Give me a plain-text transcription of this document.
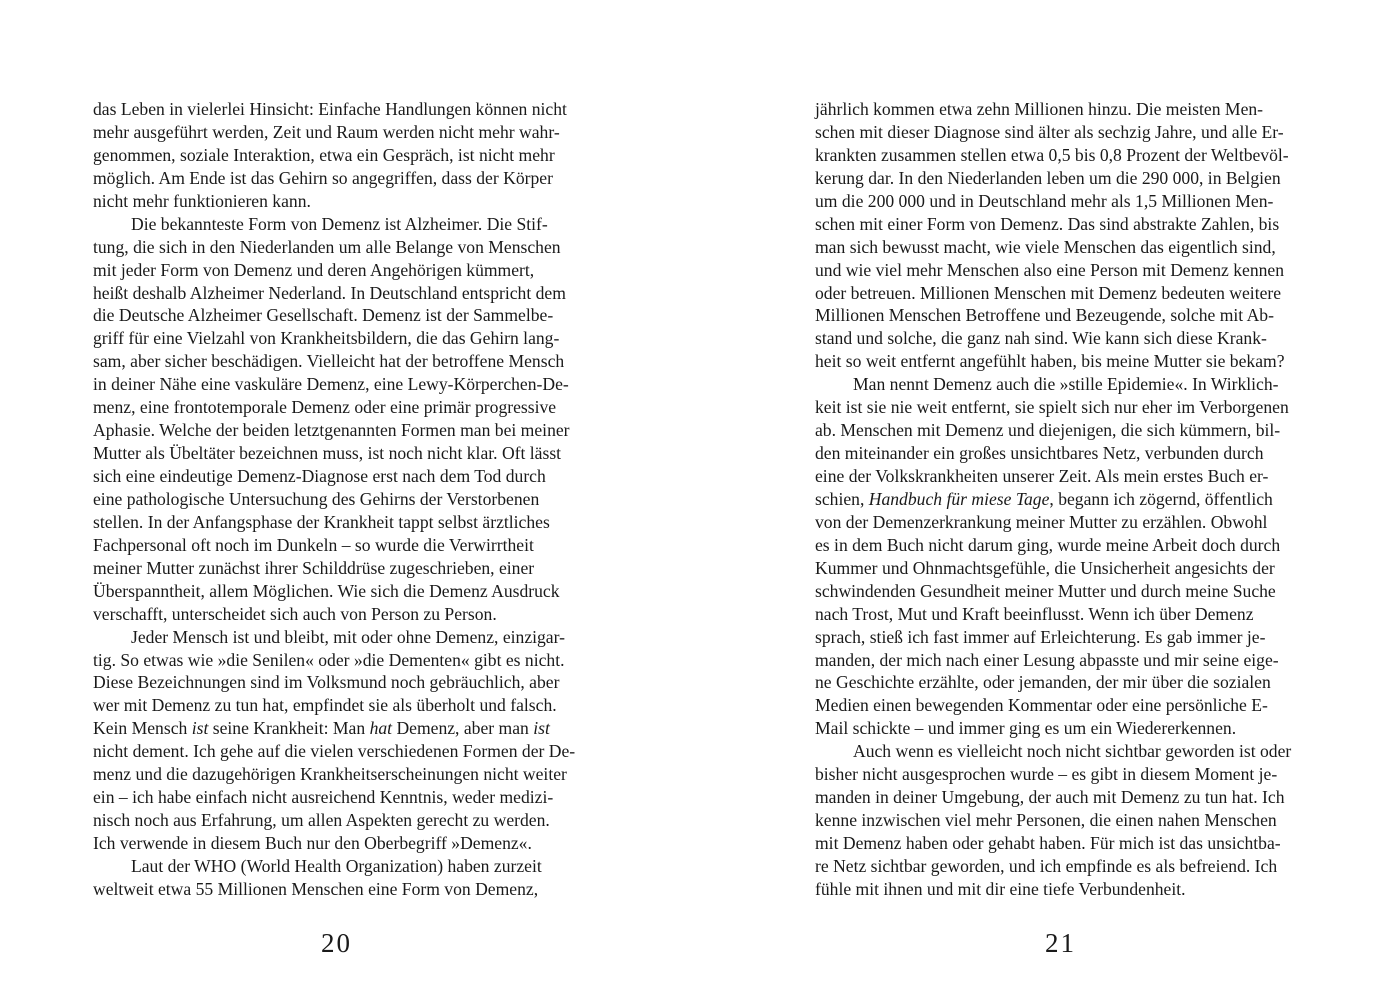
das Leben in vielerlei Hinsicht: Einfache Handlungen können nicht
mehr ausgeführt werden, Zeit und Raum werden nicht mehr wahr-
genommen, soziale Interaktion, etwa ein Gespräch, ist nicht mehr
möglich. Am Ende ist das Gehirn so angegriffen, dass der Körper
nicht mehr funktionieren kann.
Die bekannteste Form von Demenz ist Alzheimer. Die Stif-
tung, die sich in den Niederlanden um alle Belange von Menschen
mit jeder Form von Demenz und deren Angehörigen kümmert,
heißt deshalb Alzheimer Nederland. In Deutschland entspricht dem
die Deutsche Alzheimer Gesellschaft. Demenz ist der Sammelbe-
griff für eine Vielzahl von Krankheitsbildern, die das Gehirn lang-
sam, aber sicher beschädigen. Vielleicht hat der betroffene Mensch
in deiner Nähe eine vaskuläre Demenz, eine Lewy-Körperchen-De-
menz, eine frontotemporale Demenz oder eine primär progressive
Aphasie. Welche der beiden letztgenannten Formen man bei meiner
Mutter als Übeltäter bezeichnen muss, ist noch nicht klar. Oft lässt
sich eine eindeutige Demenz-Diagnose erst nach dem Tod durch
eine pathologische Untersuchung des Gehirns der Verstorbenen
stellen. In der Anfangsphase der Krankheit tappt selbst ärztliches
Fachpersonal oft noch im Dunkeln – so wurde die Verwirrtheit
meiner Mutter zunächst ihrer Schilddrüse zugeschrieben, einer
Überspanntheit, allem Möglichen. Wie sich die Demenz Ausdruck
verschafft, unterscheidet sich auch von Person zu Person.
Jeder Mensch ist und bleibt, mit oder ohne Demenz, einzigar-
tig. So etwas wie »die Senilen« oder »die Dementen« gibt es nicht.
Diese Bezeichnungen sind im Volksmund noch gebräuchlich, aber
wer mit Demenz zu tun hat, empfindet sie als überholt und falsch.
Kein Mensch ist seine Krankheit: Man hat Demenz, aber man ist
nicht dement. Ich gehe auf die vielen verschiedenen Formen der De-
menz und die dazugehörigen Krankheitserscheinungen nicht weiter
ein – ich habe einfach nicht ausreichend Kenntnis, weder medizi-
nisch noch aus Erfahrung, um allen Aspekten gerecht zu werden.
Ich verwende in diesem Buch nur den Oberbegriff »Demenz«.
Laut der WHO (World Health Organization) haben zurzeit
weltweit etwa 55 Millionen Menschen eine Form von Demenz,
20
jährlich kommen etwa zehn Millionen hinzu. Die meisten Men-
schen mit dieser Diagnose sind älter als sechzig Jahre, und alle Er-
krankten zusammen stellen etwa 0,5 bis 0,8 Prozent der Weltbevöl-
kerung dar. In den Niederlanden leben um die 290 000, in Belgien
um die 200 000 und in Deutschland mehr als 1,5 Millionen Men-
schen mit einer Form von Demenz. Das sind abstrakte Zahlen, bis
man sich bewusst macht, wie viele Menschen das eigentlich sind,
und wie viel mehr Menschen also eine Person mit Demenz kennen
oder betreuen. Millionen Menschen mit Demenz bedeuten weitere
Millionen Menschen Betroffene und Bezeugende, solche mit Ab-
stand und solche, die ganz nah sind. Wie kann sich diese Krank-
heit so weit entfernt angefühlt haben, bis meine Mutter sie bekam?
Man nennt Demenz auch die »stille Epidemie«. In Wirklich-
keit ist sie nie weit entfernt, sie spielt sich nur eher im Verborgenen
ab. Menschen mit Demenz und diejenigen, die sich kümmern, bil-
den miteinander ein großes unsichtbares Netz, verbunden durch
eine der Volkskrankheiten unserer Zeit. Als mein erstes Buch er-
schien, Handbuch für miese Tage, begann ich zögernd, öffentlich
von der Demenzerkrankung meiner Mutter zu erzählen. Obwohl
es in dem Buch nicht darum ging, wurde meine Arbeit doch durch
Kummer und Ohnmachtsgefühle, die Unsicherheit angesichts der
schwindenden Gesundheit meiner Mutter und durch meine Suche
nach Trost, Mut und Kraft beeinflusst. Wenn ich über Demenz
sprach, stieß ich fast immer auf Erleichterung. Es gab immer je-
manden, der mich nach einer Lesung abpasste und mir seine eige-
ne Geschichte erzählte, oder jemanden, der mir über die sozialen
Medien einen bewegenden Kommentar oder eine persönliche E-
Mail schickte – und immer ging es um ein Wiedererkennen.
Auch wenn es vielleicht noch nicht sichtbar geworden ist oder
bisher nicht ausgesprochen wurde – es gibt in diesem Moment je-
manden in deiner Umgebung, der auch mit Demenz zu tun hat. Ich
kenne inzwischen viel mehr Personen, die einen nahen Menschen
mit Demenz haben oder gehabt haben. Für mich ist das unsichtba-
re Netz sichtbar geworden, und ich empfinde es als befreiend. Ich
fühle mit ihnen und mit dir eine tiefe Verbundenheit.
21
